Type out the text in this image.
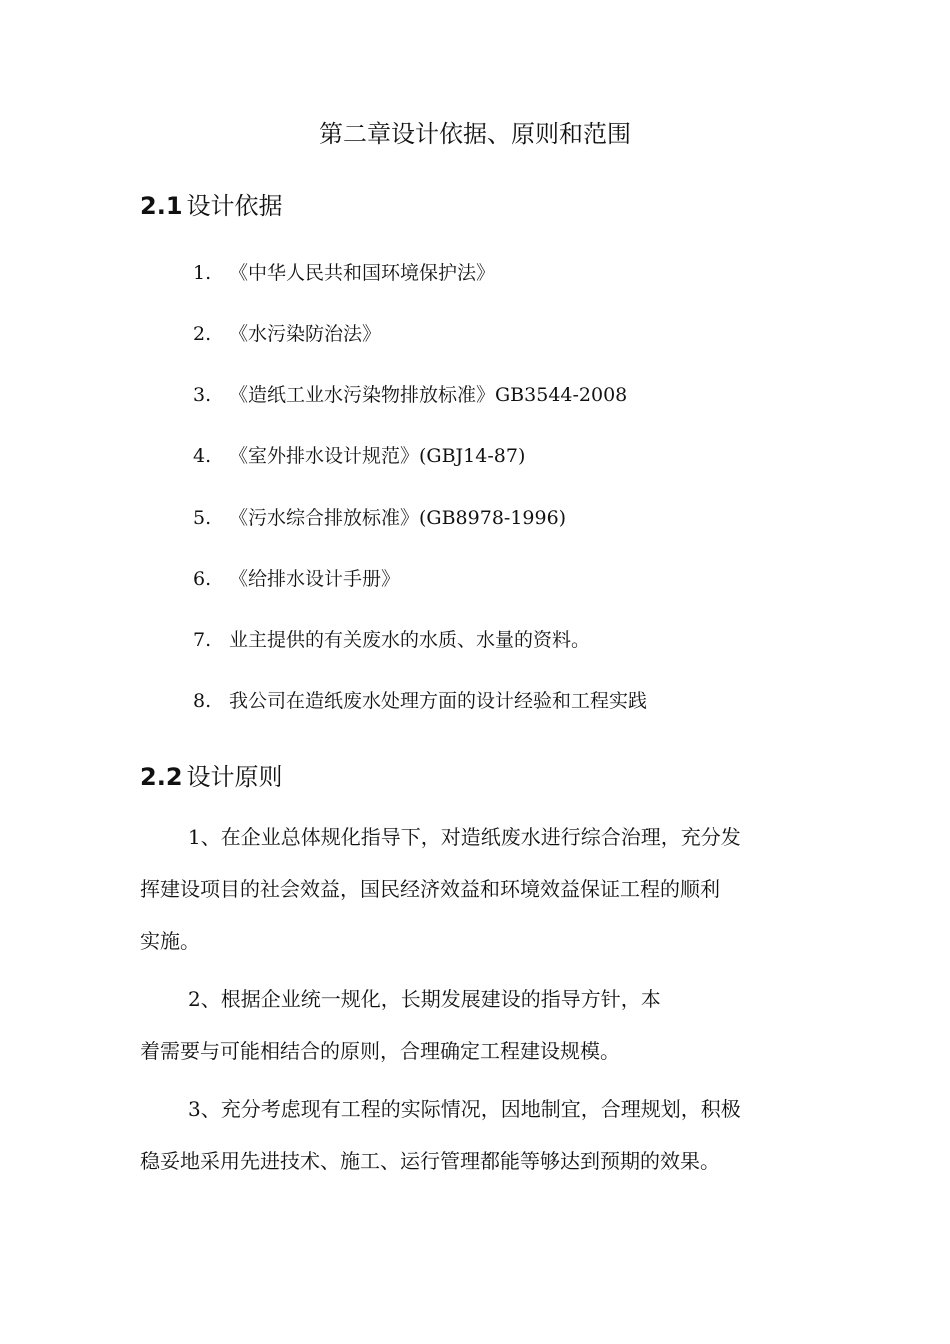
第二章设计依据、原则和范围
2.1 设计依据
1. 《中华人民共和国环境保护法》
2. 《水污染防治法》
3. 《造纸工业水污染物排放标准》GB3544-2008
4. 《室外排水设计规范》(GBJ14-87)
5. 《污水综合排放标准》(GB8978-1996)
6. 《给排水设计手册》
7. 业主提供的有关废水的水质、水量的资料。
8. 我公司在造纸废水处理方面的设计经验和工程实践
2.2 设计原则
1、在企业总体规化指导下，对造纸废水进行综合治理，充分发
挥建设项目的社会效益，国民经济效益和环境效益保证工程的顺利
实施。
2、根据企业统一规化，长期发展建设的指导方针，本
着需要与可能相结合的原则，合理确定工程建设规模。
3、充分考虑现有工程的实际情况，因地制宜，合理规划，积极
稳妥地采用先进技术、施工、运行管理都能等够达到预期的效果。
